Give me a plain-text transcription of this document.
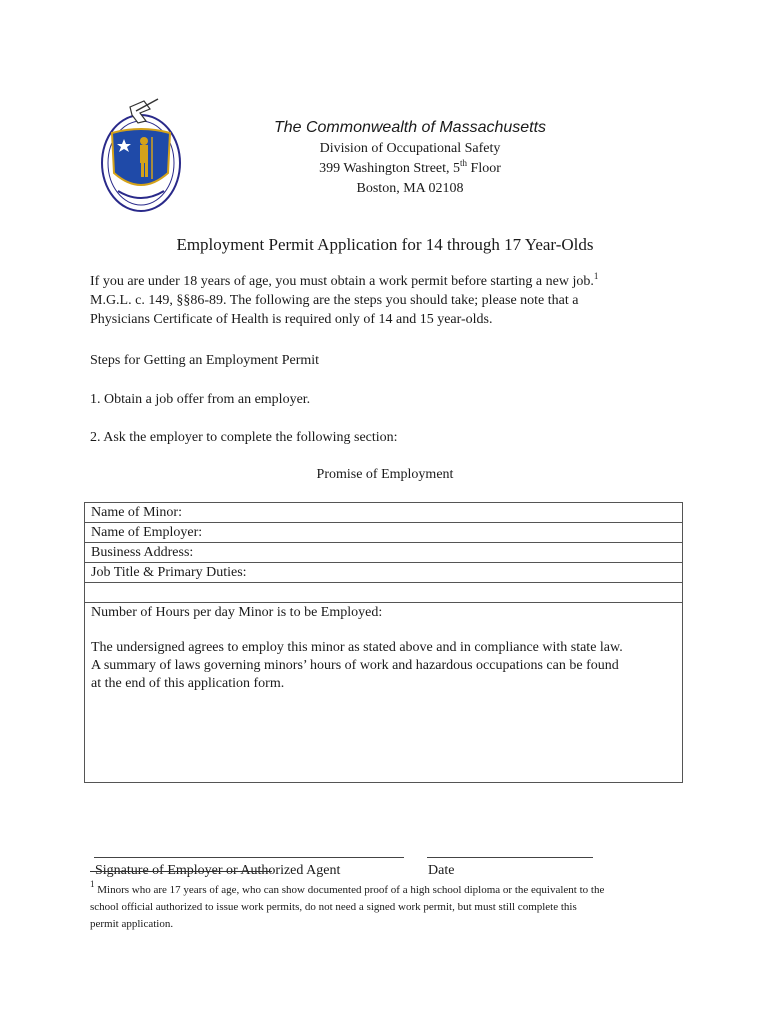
The Commonwealth of Massachusetts
Division of Occupational Safety
399 Washington Street, 5th Floor
Boston, MA 02108
Employment Permit Application for 14 through 17 Year-Olds

If you are under 18 years of age, you must obtain a work permit before starting a new job.$^1$

M.G.L. c. 149, §§86-89. The following are the steps you should take; please note that a

Physicians Certificate of Health is required only of 14 and 15 year-olds.

Steps for Getting an Employment Permit
1. Obtain a job offer from an employer.
2. Ask the employer to complete the following section:
Promise of Employment
Name of Minor:
Name of Employer:
Business Address:
Job Title & Primary Duties:
Number of Hours per day Minor is to be Employed:
The undersigned agrees to employ this minor as stated above and in compliance with state law.
A summary of laws governing minors’ hours of work and hazardous occupations can be found
at the end of this application form.
Signature of Employer or Authorized Agent	Date
$^1$ Minors who are 17 years of age, who can show documented proof of a high school diploma or the equivalent to the
school official authorized to issue work permits, do not need a signed work permit, but must still complete this
permit application.
